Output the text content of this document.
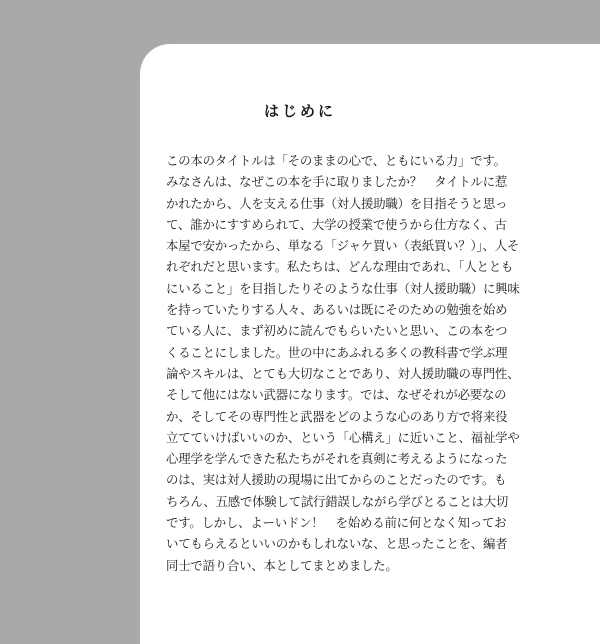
はじめに
この本のタイトルは「そのままの心で、ともにいる力」です。
みなさんは、なぜこの本を手に取りましたか？　タイトルに惹
かれたから、人を支える仕事（対人援助職）を目指そうと思っ
て、誰かにすすめられて、大学の授業で使うから仕方なく、古
本屋で安かったから、単なる「ジャケ買い（表紙買い？）」、人そ
れぞれだと思います。私たちは、どんな理由であれ、「人ととも
にいること」を目指したりそのような仕事（対人援助職）に興味
を持っていたりする人々、あるいは既にそのための勉強を始め
ている人に、まず初めに読んでもらいたいと思い、この本をつ
くることにしました。世の中にあふれる多くの教科書で学ぶ理
論やスキルは、とても大切なことであり、対人援助職の専門性、
そして他にはない武器になります。では、なぜそれが必要なの
か、そしてその専門性と武器をどのような心のあり方で将来役
立てていけばいいのか、という「心構え」に近いこと、福祉学や
心理学を学んできた私たちがそれを真剣に考えるようになった
のは、実は対人援助の現場に出てからのことだったのです。も
ちろん、五感で体験して試行錯誤しながら学びとることは大切
です。しかし、よーいドン！　を始める前に何となく知ってお
いてもらえるといいのかもしれないな、と思ったことを、編者
同士で語り合い、本としてまとめました。
